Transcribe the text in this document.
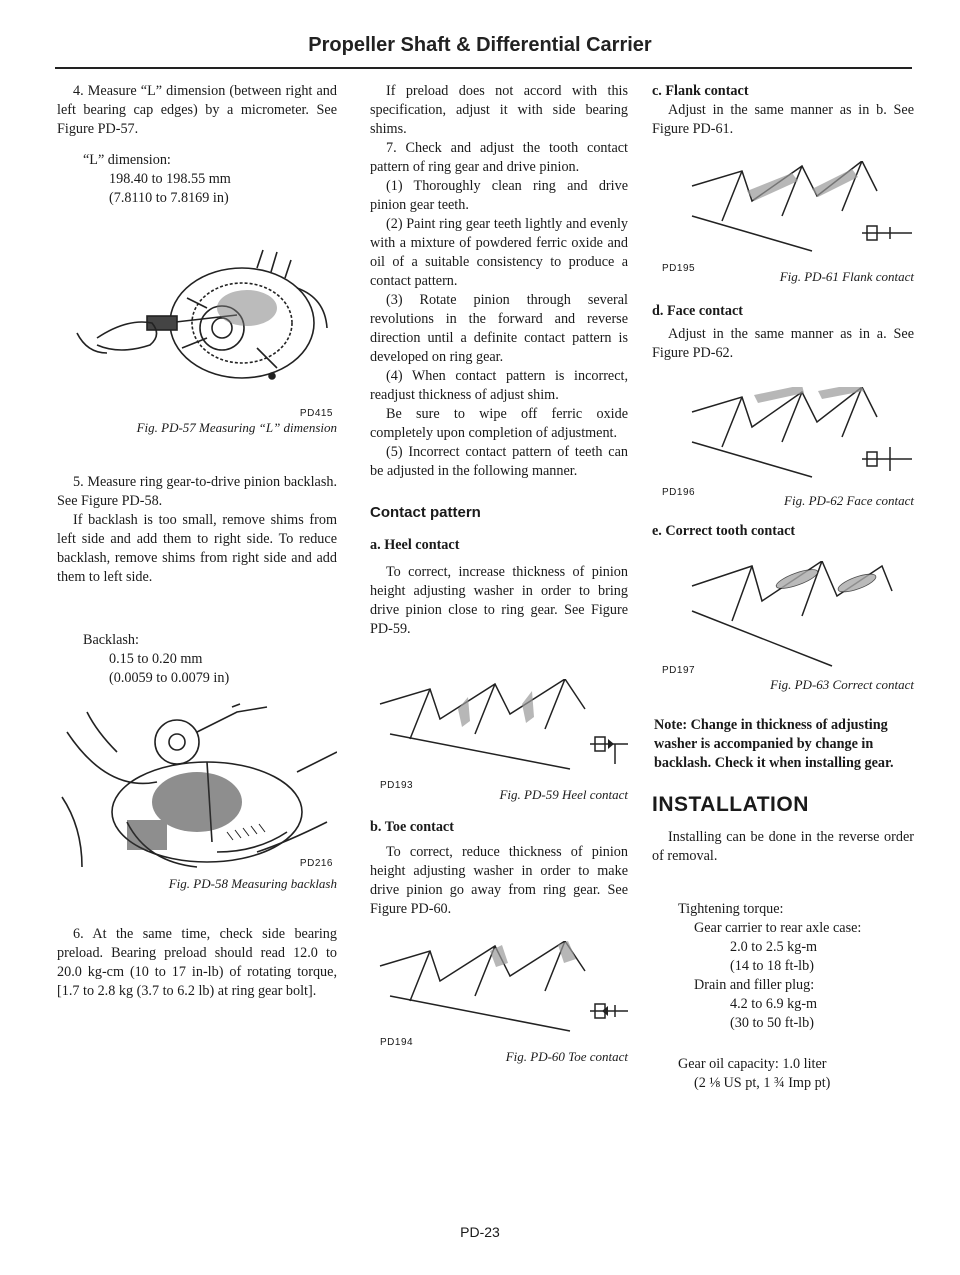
Propeller Shaft & Differential Carrier

4. Measure “L” dimension (between right and left bearing cap edges) by a micrometer. See Figure PD-57.

“L” dimension:
198.40 to 198.55 mm
(7.8110 to 7.8169 in)
PD415
Fig. PD-57 Measuring “L” dimension

5. Measure ring gear-to-drive pinion backlash. See Figure PD-58.

If backlash is too small, remove shims from left side and add them to right side. To reduce backlash, remove shims from right side and add them to left side.

Backlash:
0.15 to 0.20 mm
(0.0059 to 0.0079 in)
PD216
Fig. PD-58 Measuring backlash

6. At the same time, check side bearing preload. Bearing preload should read 12.0 to 20.0 kg-cm (10 to 17 in-lb) of rotating torque, [1.7 to 2.8 kg (3.7 to 6.2 lb) at ring gear bolt].

If preload does not accord with this specification, adjust it with side bearing shims.

7. Check and adjust the tooth contact pattern of ring gear and drive pinion.

(1) Thoroughly clean ring and drive pinion gear teeth.

(2) Paint ring gear teeth lightly and evenly with a mixture of powdered ferric oxide and oil of a suitable consistency to produce a contact pattern.

(3) Rotate pinion through several revolutions in the forward and reverse direction until a definite contact pattern is developed on ring gear.

(4) When contact pattern is incorrect, readjust thickness of adjust shim.

Be sure to wipe off ferric oxide completely upon completion of adjustment.

(5) Incorrect contact pattern of teeth can be adjusted in the following manner.

Contact pattern
a. Heel contact

To correct, increase thickness of pinion height adjusting washer in order to bring drive pinion close to ring gear. See Figure PD-59.

PD193
Fig. PD-59 Heel contact
b. Toe contact

To correct, reduce thickness of pinion height adjusting washer in order to make drive pinion go away from ring gear. See Figure PD-60.

PD194
Fig. PD-60 Toe contact
c. Flank contact

Adjust in the same manner as in b. See Figure PD-61.

PD195
Fig. PD-61 Flank contact
d. Face contact

Adjust in the same manner as in a. See Figure PD-62.

PD196
Fig. PD-62 Face contact
e. Correct tooth contact
PD197
Fig. PD-63 Correct contact

Note: Change in thickness of adjusting washer is accompanied by change in backlash. Check it when installing gear.

INSTALLATION

Installing can be done in the reverse order of removal.

Tightening torque:
Gear carrier to rear axle case:
2.0 to 2.5 kg-m
(14 to 18 ft-lb)
Drain and filler plug:
4.2 to 6.9 kg-m
(30 to 50 ft-lb)
Gear oil capacity: 1.0 liter
(2 ⅛ US pt, 1 ¾ Imp pt)
PD-23
